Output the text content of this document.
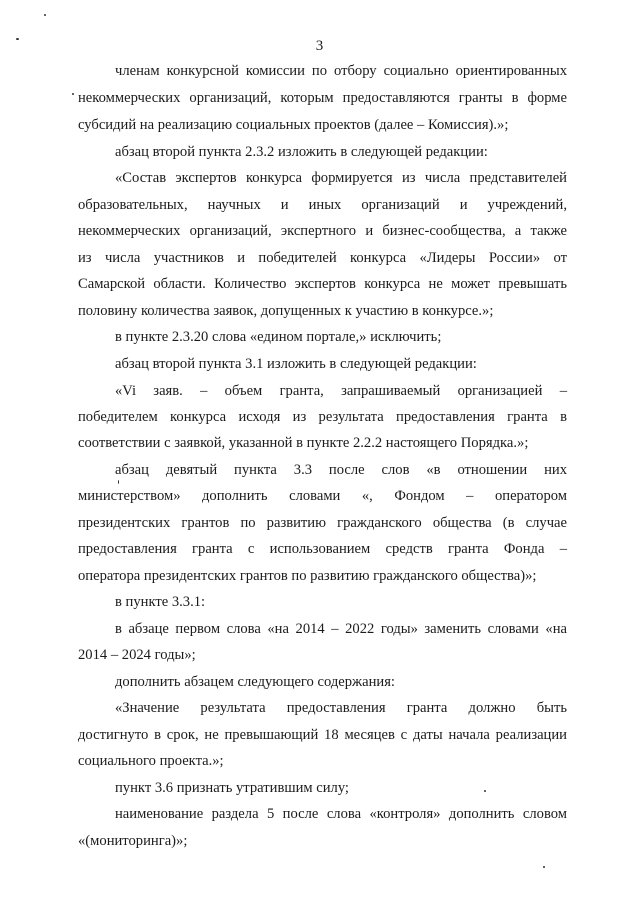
3
членам конкурсной комиссии по отбору социально ориентированных
некоммерческих организаций, которым предоставляются гранты в форме
субсидий на реализацию социальных проектов (далее – Комиссия).»;
абзац второй пункта 2.3.2 изложить в следующей редакции:
«Состав экспертов конкурса формируется из числа представителей
образовательных, научных и иных организаций и учреждений,
некоммерческих организаций, экспертного и бизнес-сообщества, а также
из числа участников и победителей конкурса «Лидеры России» от
Самарской области. Количество экспертов конкурса не может превышать
половину количества заявок, допущенных к участию в конкурсе.»;
в пункте 2.3.20 слова «едином портале,» исключить;
абзац второй пункта 3.1 изложить в следующей редакции:
«Vi заяв. – объем гранта, запрашиваемый организацией –
победителем конкурса исходя из результата предоставления гранта в
соответствии с заявкой, указанной в пункте 2.2.2 настоящего Порядка.»;
абзац девятый пункта 3.3 после слов «в отношении них
министерством» дополнить словами «, Фондом – оператором
президентских грантов по развитию гражданского общества (в случае
предоставления гранта с использованием средств гранта Фонда –
оператора президентских грантов по развитию гражданского общества)»;
в пункте 3.3.1:
в абзаце первом слова «на 2014 – 2022 годы» заменить словами «на
2014 – 2024 годы»;
дополнить абзацем следующего содержания:
«Значение результата предоставления гранта должно быть
достигнуто в срок, не превышающий 18 месяцев с даты начала реализации
социального проекта.»;
пункт 3.6 признать утратившим силу;
наименование раздела 5 после слова «контроля» дополнить словом
«(мониторинга)»;
